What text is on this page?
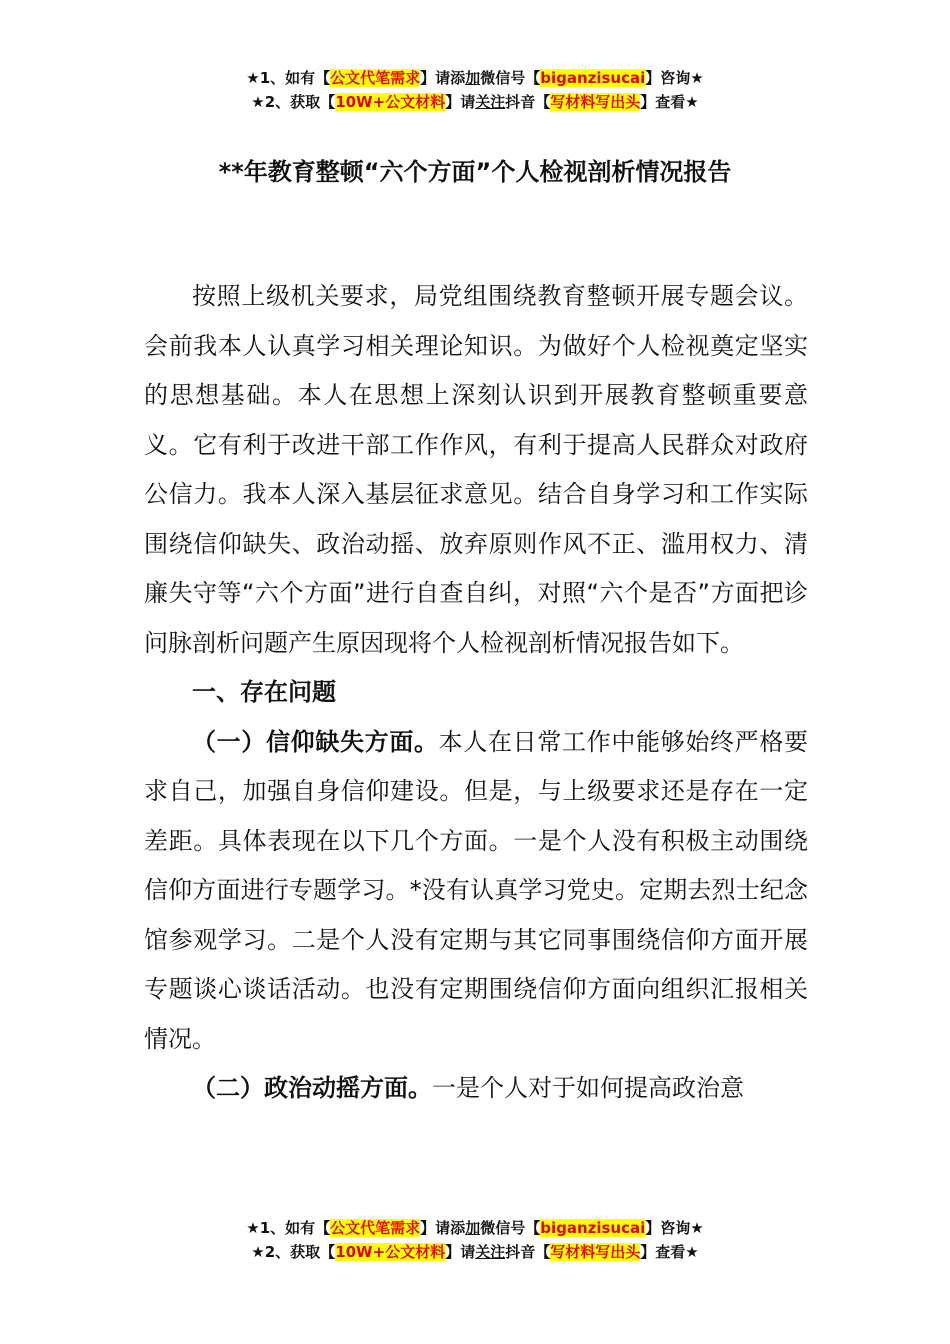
★1、如有【公文代笔需求】请添加微信号【biganzisucai】咨询★
★2、获取【10W+公文材料】请关注抖音【写材料写出头】查看★
**年教育整顿“六个方面”个人检视剖析情况报告

按照上级机关要求，局党组围绕教育整顿开展专题会议。会前我本人认真学习相关理论知识。为做好个人检视奠定坚实的思想基础。本人在思想上深刻认识到开展教育整顿重要意义。它有利于改进干部工作作风，有利于提高人民群众对政府公信力。我本人深入基层征求意见。结合自身学习和工作实际围绕信仰缺失、政治动摇、放弃原则作风不正、滥用权力、清廉失守等“六个方面”进行自查自纠，对照“六个是否”方面把诊问脉剖析问题产生原因现将个人检视剖析情况报告如下。

一、存在问题

（一）信仰缺失方面。本人在日常工作中能够始终严格要求自己，加强自身信仰建设。但是，与上级要求还是存在一定差距。具体表现在以下几个方面。一是个人没有积极主动围绕信仰方面进行专题学习。*没有认真学习党史。定期去烈士纪念馆参观学习。二是个人没有定期与其它同事围绕信仰方面开展专题谈心谈话活动。也没有定期围绕信仰方面向组织汇报相关情况。

（二）政治动摇方面。一是个人对于如何提高政治意

★1、如有【公文代笔需求】请添加微信号【biganzisucai】咨询★
★2、获取【10W+公文材料】请关注抖音【写材料写出头】查看★
